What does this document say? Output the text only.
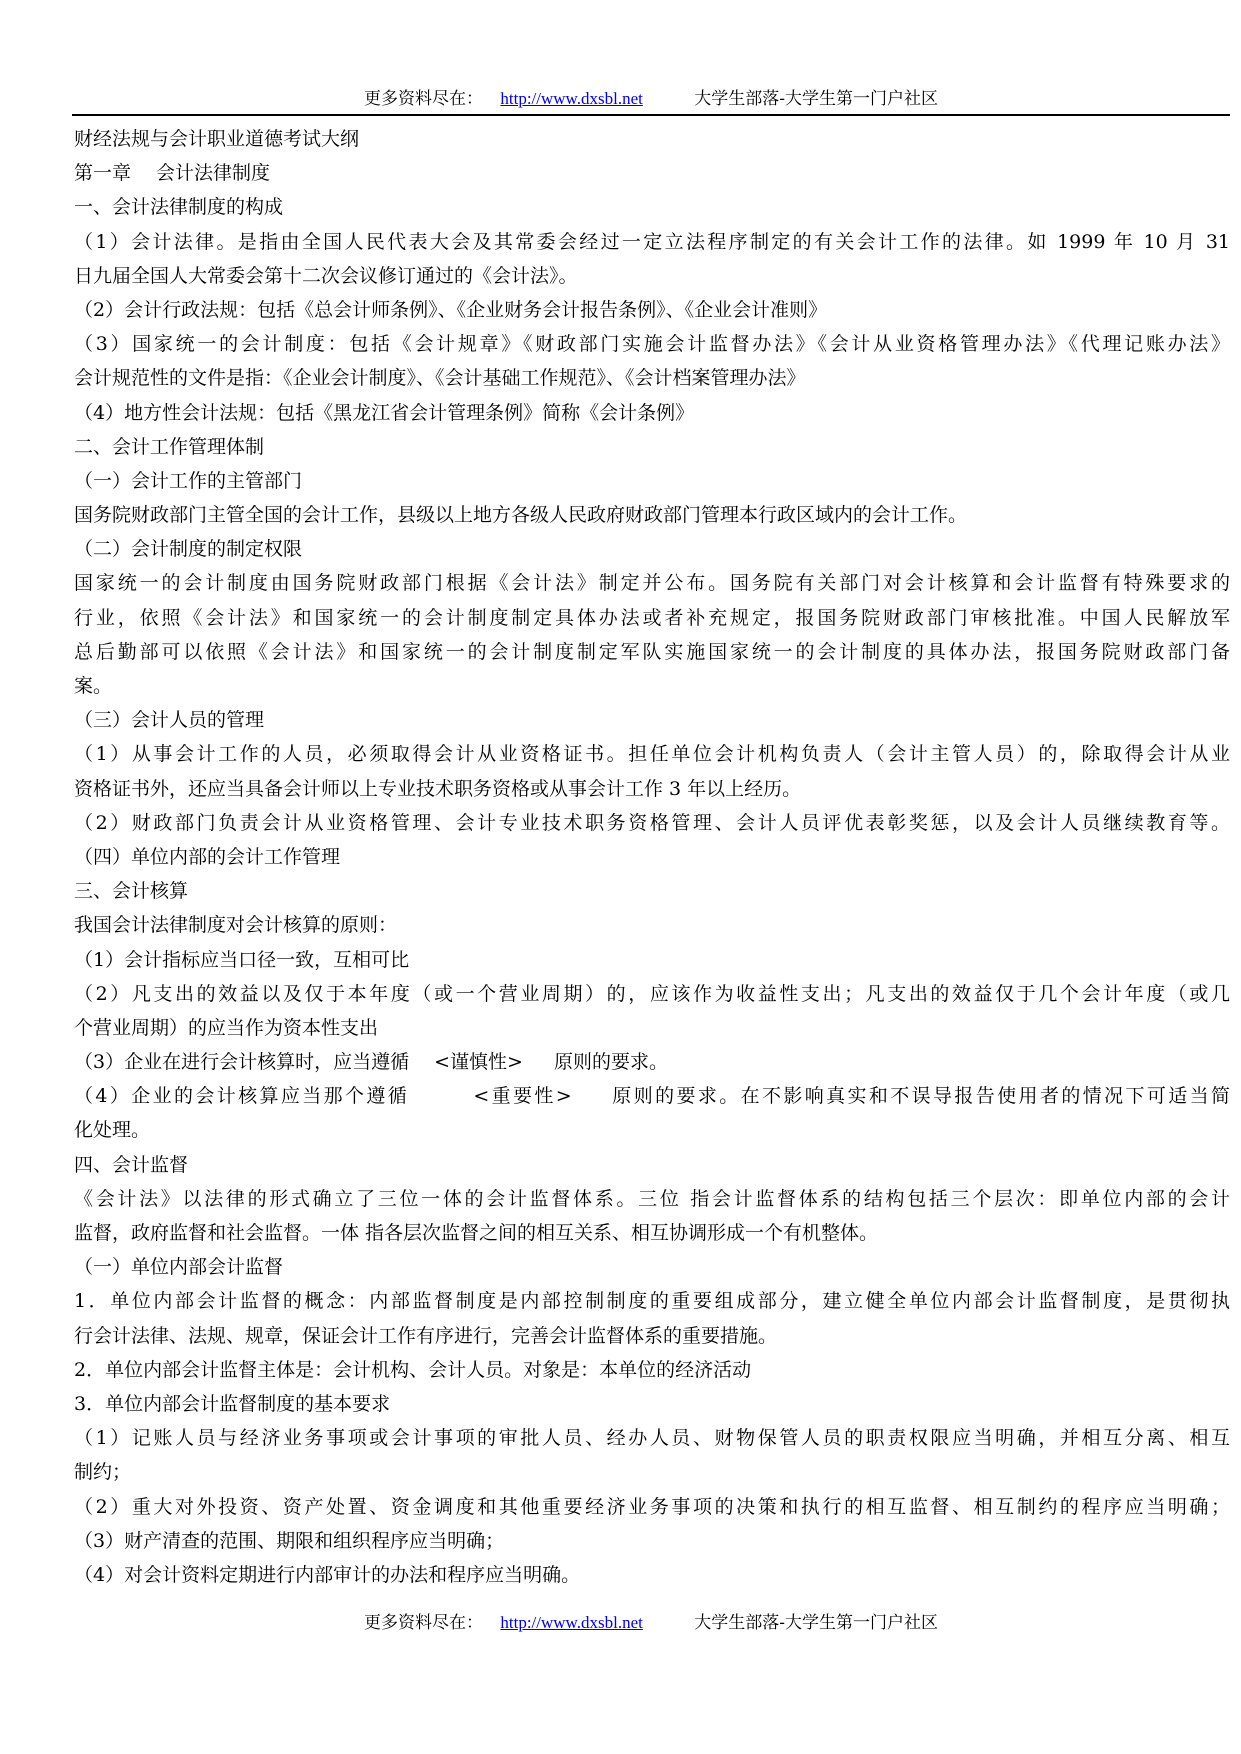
更多资料尽在： http://www.dxsbl.net	大学生部落-大学生第一门户社区
财经法规与会计职业道德考试大纲
第一章　 会计法律制度
一、会计法律制度的构成
（1）会计法律。是指由全国人民代表大会及其常委会经过一定立法程序制定的有关会计工作的法律。如 1999 年 10 月 31
日九届全国人大常委会第十二次会议修订通过的《会计法》。
（2）会计行政法规：包括《总会计师条例》、《企业财务会计报告条例》、《企业会计准则》
（3）国家统一的会计制度：包括《会计规章》《财政部门实施会计监督办法》《会计从业资格管理办法》《代理记账办法》
会计规范性的文件是指：《企业会计制度》、《会计基础工作规范》、《会计档案管理办法》
（4）地方性会计法规：包括《黑龙江省会计管理条例》简称《会计条例》
二、会计工作管理体制
（一）会计工作的主管部门
国务院财政部门主管全国的会计工作，县级以上地方各级人民政府财政部门管理本行政区域内的会计工作。
（二）会计制度的制定权限
国家统一的会计制度由国务院财政部门根据《会计法》制定并公布。国务院有关部门对会计核算和会计监督有特殊要求的
行业，依照《会计法》和国家统一的会计制度制定具体办法或者补充规定，报国务院财政部门审核批准。中国人民解放军
总后勤部可以依照《会计法》和国家统一的会计制度制定军队实施国家统一的会计制度的具体办法，报国务院财政部门备
案。
（三）会计人员的管理
（1）从事会计工作的人员，必须取得会计从业资格证书。担任单位会计机构负责人（会计主管人员）的，除取得会计从业
资格证书外，还应当具备会计师以上专业技术职务资格或从事会计工作 3 年以上经历。
（2）财政部门负责会计从业资格管理、会计专业技术职务资格管理、会计人员评优表彰奖惩，以及会计人员继续教育等。
（四）单位内部的会计工作管理
三、会计核算
我国会计法律制度对会计核算的原则：
（1）会计指标应当口径一致，互相可比
（2）凡支出的效益以及仅于本年度（或一个营业周期）的，应该作为收益性支出；凡支出的效益仅于几个会计年度（或几
个营业周期）的应当作为资本性支出
（3）企业在进行会计核算时，应当遵循　 <谨慎性>　  原则的要求。
（4）企业的会计核算应当那个遵循　　　<重要性>　  原则的要求。在不影响真实和不误导报告使用者的情况下可适当简
化处理。
四、会计监督
《会计法》以法律的形式确立了三位一体的会计监督体系。三位 指会计监督体系的结构包括三个层次：即单位内部的会计
监督，政府监督和社会监督。一体 指各层次监督之间的相互关系、相互协调形成一个有机整体。
（一）单位内部会计监督
1．单位内部会计监督的概念：内部监督制度是内部控制制度的重要组成部分，建立健全单位内部会计监督制度，是贯彻执
行会计法律、法规、规章，保证会计工作有序进行，完善会计监督体系的重要措施。
2．单位内部会计监督主体是：会计机构、会计人员。对象是：本单位的经济活动
3．单位内部会计监督制度的基本要求
（1）记账人员与经济业务事项或会计事项的审批人员、经办人员、财物保管人员的职责权限应当明确，并相互分离、相互
制约；
（2）重大对外投资、资产处置、资金调度和其他重要经济业务事项的决策和执行的相互监督、相互制约的程序应当明确；
（3）财产清查的范围、期限和组织程序应当明确；
（4）对会计资料定期进行内部审计的办法和程序应当明确。
更多资料尽在： http://www.dxsbl.net	大学生部落-大学生第一门户社区
